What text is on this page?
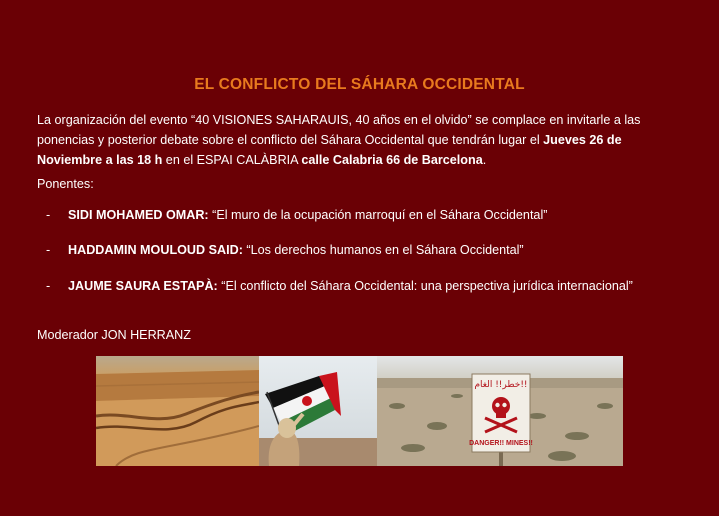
EL CONFLICTO DEL SÁHARA OCCIDENTAL
La organización del evento “40 VISIONES SAHARAUIS, 40 años en el olvido” se complace en invitarle a las ponencias y posterior debate sobre el conflicto del Sáhara Occidental que tendrán lugar el Jueves 26 de Noviembre a las 18 h en el ESPAI CALÀBRIA calle Calabria 66 de Barcelona.
Ponentes:
- SIDI MOHAMED OMAR: “El muro de la ocupación marroquí en el Sáhara Occidental”
- HADDAMIN MOULOUD SAID: “Los derechos humanos en el Sáhara Occidental”
- JAUME SAURA ESTAPÀ: “El conflicto del Sáhara Occidental: una perspectiva jurídica internacional”
Moderador JON HERRANZ
خطر!! الغام!!
DANGER!! MINES!!
